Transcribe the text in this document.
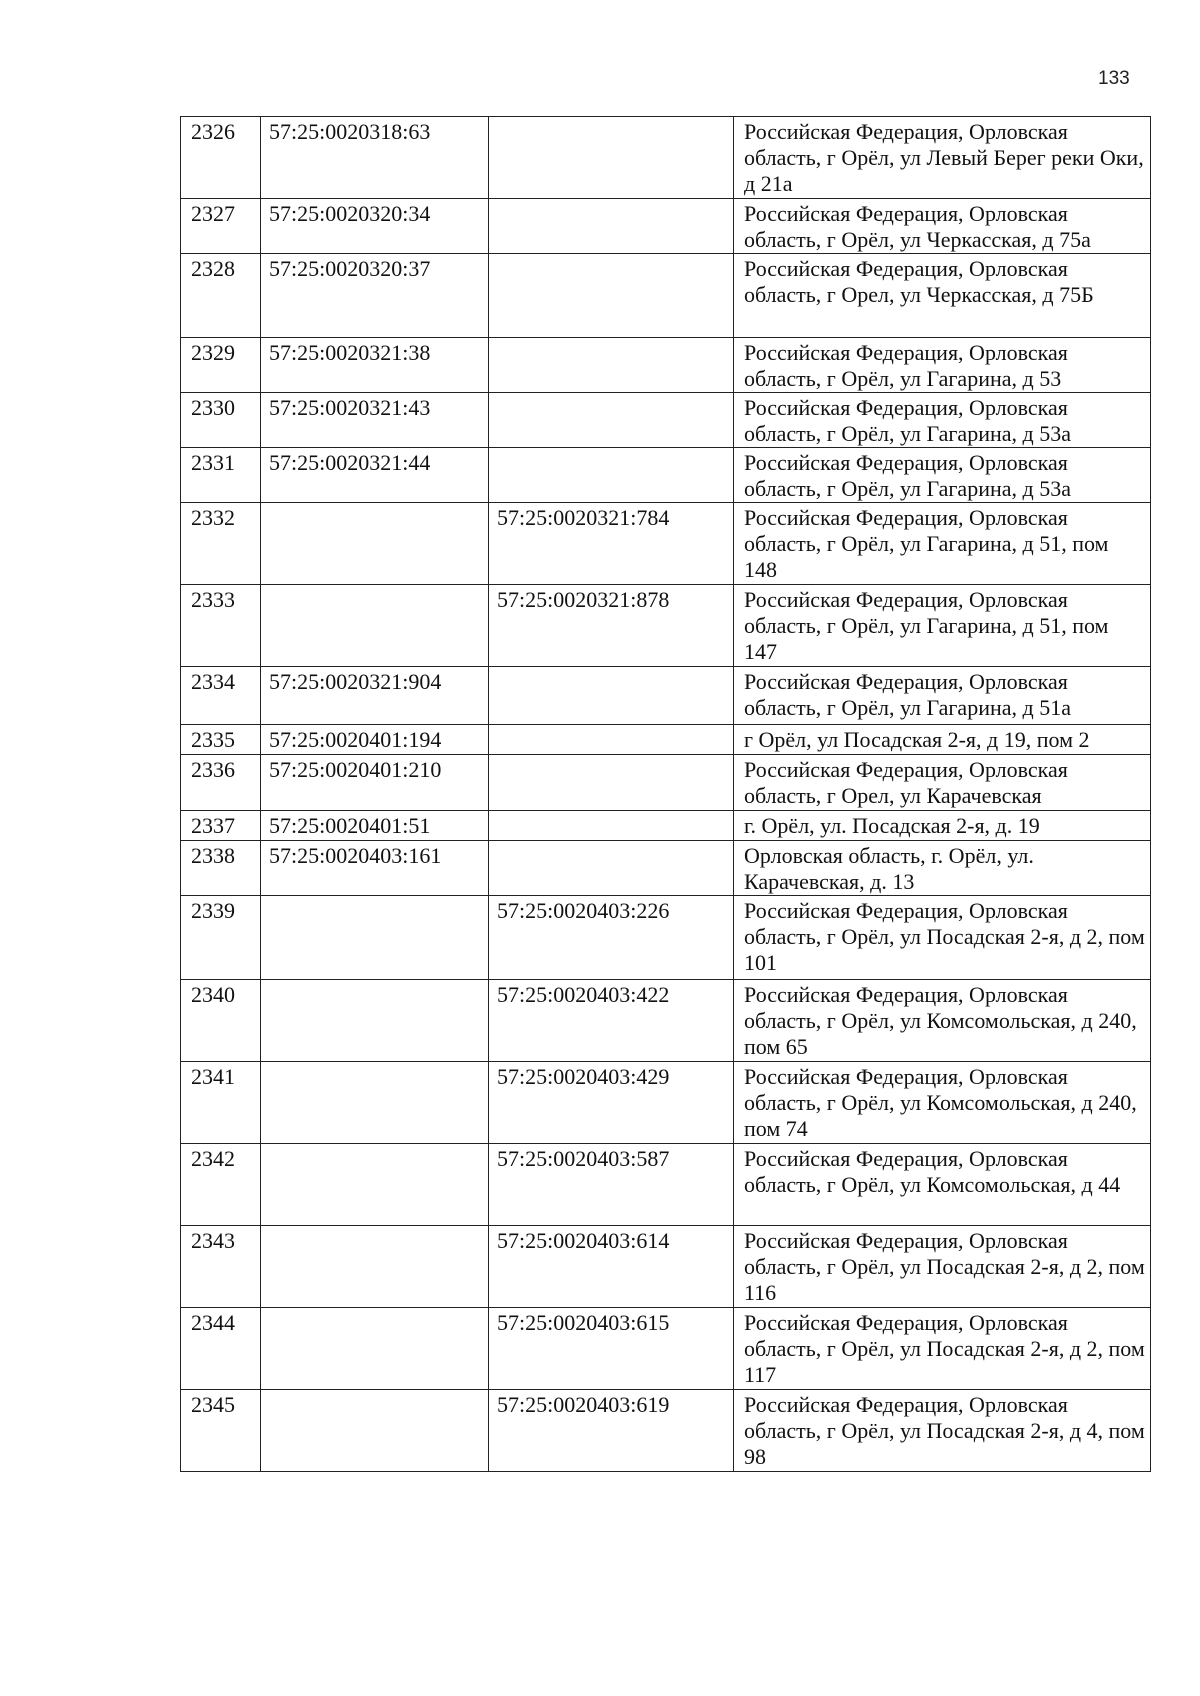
133
2326	57:25:0020318:63		Российская Федерация, Орловская область, г Орёл, ул Левый Берег реки Оки, д 21а
2327	57:25:0020320:34		Российская Федерация, Орловская область, г Орёл, ул Черкасская, д 75а
2328	57:25:0020320:37		Российская Федерация, Орловская область, г Орел, ул Черкасская, д 75Б
2329	57:25:0020321:38		Российская Федерация, Орловская область, г Орёл, ул Гагарина, д 53
2330	57:25:0020321:43		Российская Федерация, Орловская область, г Орёл, ул Гагарина, д 53а
2331	57:25:0020321:44		Российская Федерация, Орловская область, г Орёл, ул Гагарина, д 53а
2332		57:25:0020321:784	Российская Федерация, Орловская область, г Орёл, ул Гагарина, д 51, пом 148
2333		57:25:0020321:878	Российская Федерация, Орловская область, г Орёл, ул Гагарина, д 51, пом 147
2334	57:25:0020321:904		Российская Федерация, Орловская область, г Орёл, ул Гагарина, д 51а
2335	57:25:0020401:194		г Орёл, ул Посадская 2-я, д 19, пом 2
2336	57:25:0020401:210		Российская Федерация, Орловская область, г Орел, ул Карачевская
2337	57:25:0020401:51		г. Орёл, ул. Посадская 2-я, д. 19
2338	57:25:0020403:161		Орловская область, г. Орёл, ул. Карачевская, д. 13
2339		57:25:0020403:226	Российская Федерация, Орловская область, г Орёл, ул Посадская 2-я, д 2, пом 101
2340		57:25:0020403:422	Российская Федерация, Орловская область, г Орёл, ул Комсомольская, д 240, пом 65
2341		57:25:0020403:429	Российская Федерация, Орловская область, г Орёл, ул Комсомольская, д 240, пом 74
2342		57:25:0020403:587	Российская Федерация, Орловская область, г Орёл, ул Комсомольская, д 44
2343		57:25:0020403:614	Российская Федерация, Орловская область, г Орёл, ул Посадская 2-я, д 2, пом 116
2344		57:25:0020403:615	Российская Федерация, Орловская область, г Орёл, ул Посадская 2-я, д 2, пом 117
2345		57:25:0020403:619	Российская Федерация, Орловская область, г Орёл, ул Посадская 2-я, д 4, пом 98
